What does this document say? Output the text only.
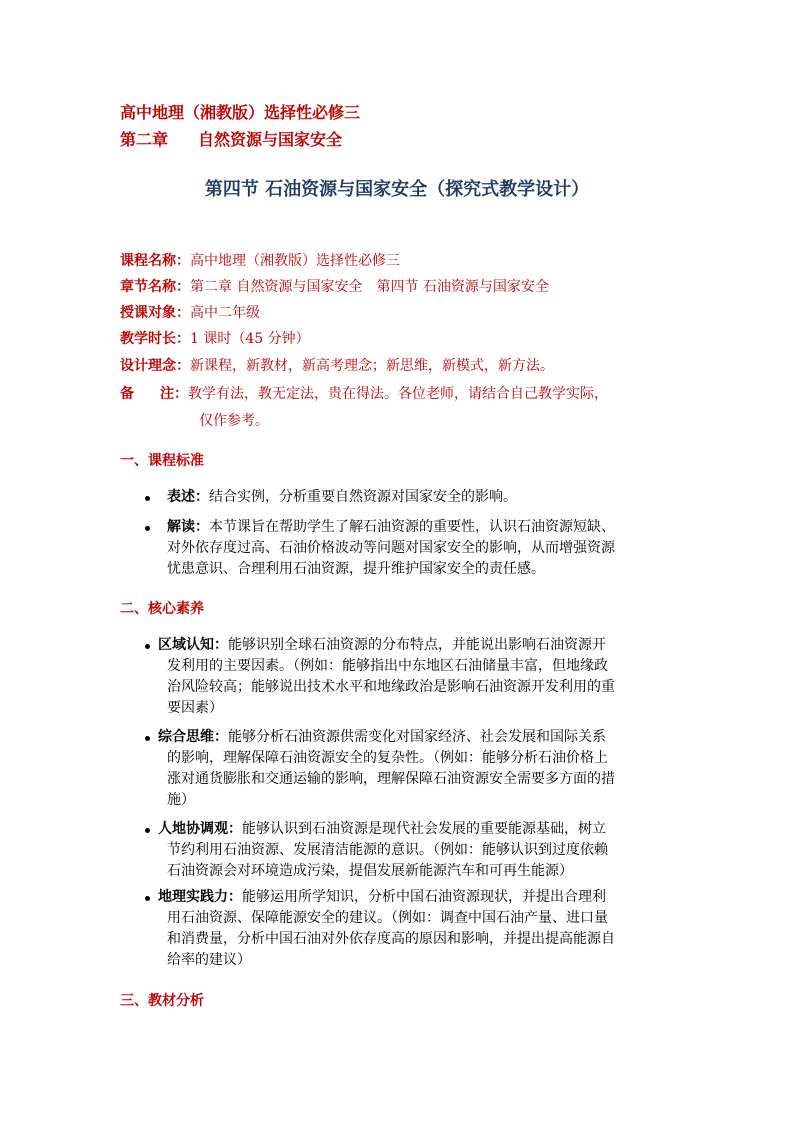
高中地理（湘教版）选择性必修三
第二章 自然资源与国家安全
第四节 石油资源与国家安全（探究式教学设计）
课程名称：高中地理（湘教版）选择性必修三
章节名称：第二章 自然资源与国家安全　第四节 石油资源与国家安全
授课对象：高中二年级
教学时长：1 课时（45 分钟）
设计理念：新课程，新教材，新高考理念；新思维，新模式，新方法。
备 注：教学有法，教无定法，贵在得法。各位老师，请结合自己教学实际，
仅作参考。
一、课程标准
表述：结合实例，分析重要自然资源对国家安全的影响。
解读：本节课旨在帮助学生了解石油资源的重要性，认识石油资源短缺、
对外依存度过高、石油价格波动等问题对国家安全的影响，从而增强资源
忧患意识、合理利用石油资源，提升维护国家安全的责任感。
二、核心素养
区域认知：能够识别全球石油资源的分布特点，并能说出影响石油资源开
发利用的主要因素。（例如：能够指出中东地区石油储量丰富，但地缘政
治风险较高；能够说出技术水平和地缘政治是影响石油资源开发利用的重
要因素）
综合思维：能够分析石油资源供需变化对国家经济、社会发展和国际关系
的影响，理解保障石油资源安全的复杂性。（例如：能够分析石油价格上
涨对通货膨胀和交通运输的影响，理解保障石油资源安全需要多方面的措
施）
人地协调观：能够认识到石油资源是现代社会发展的重要能源基础，树立
节约利用石油资源、发展清洁能源的意识。（例如：能够认识到过度依赖
石油资源会对环境造成污染，提倡发展新能源汽车和可再生能源）
地理实践力：能够运用所学知识，分析中国石油资源现状，并提出合理利
用石油资源、保障能源安全的建议。（例如：调查中国石油产量、进口量
和消费量，分析中国石油对外依存度高的原因和影响，并提出提高能源自
给率的建议）
三、教材分析
